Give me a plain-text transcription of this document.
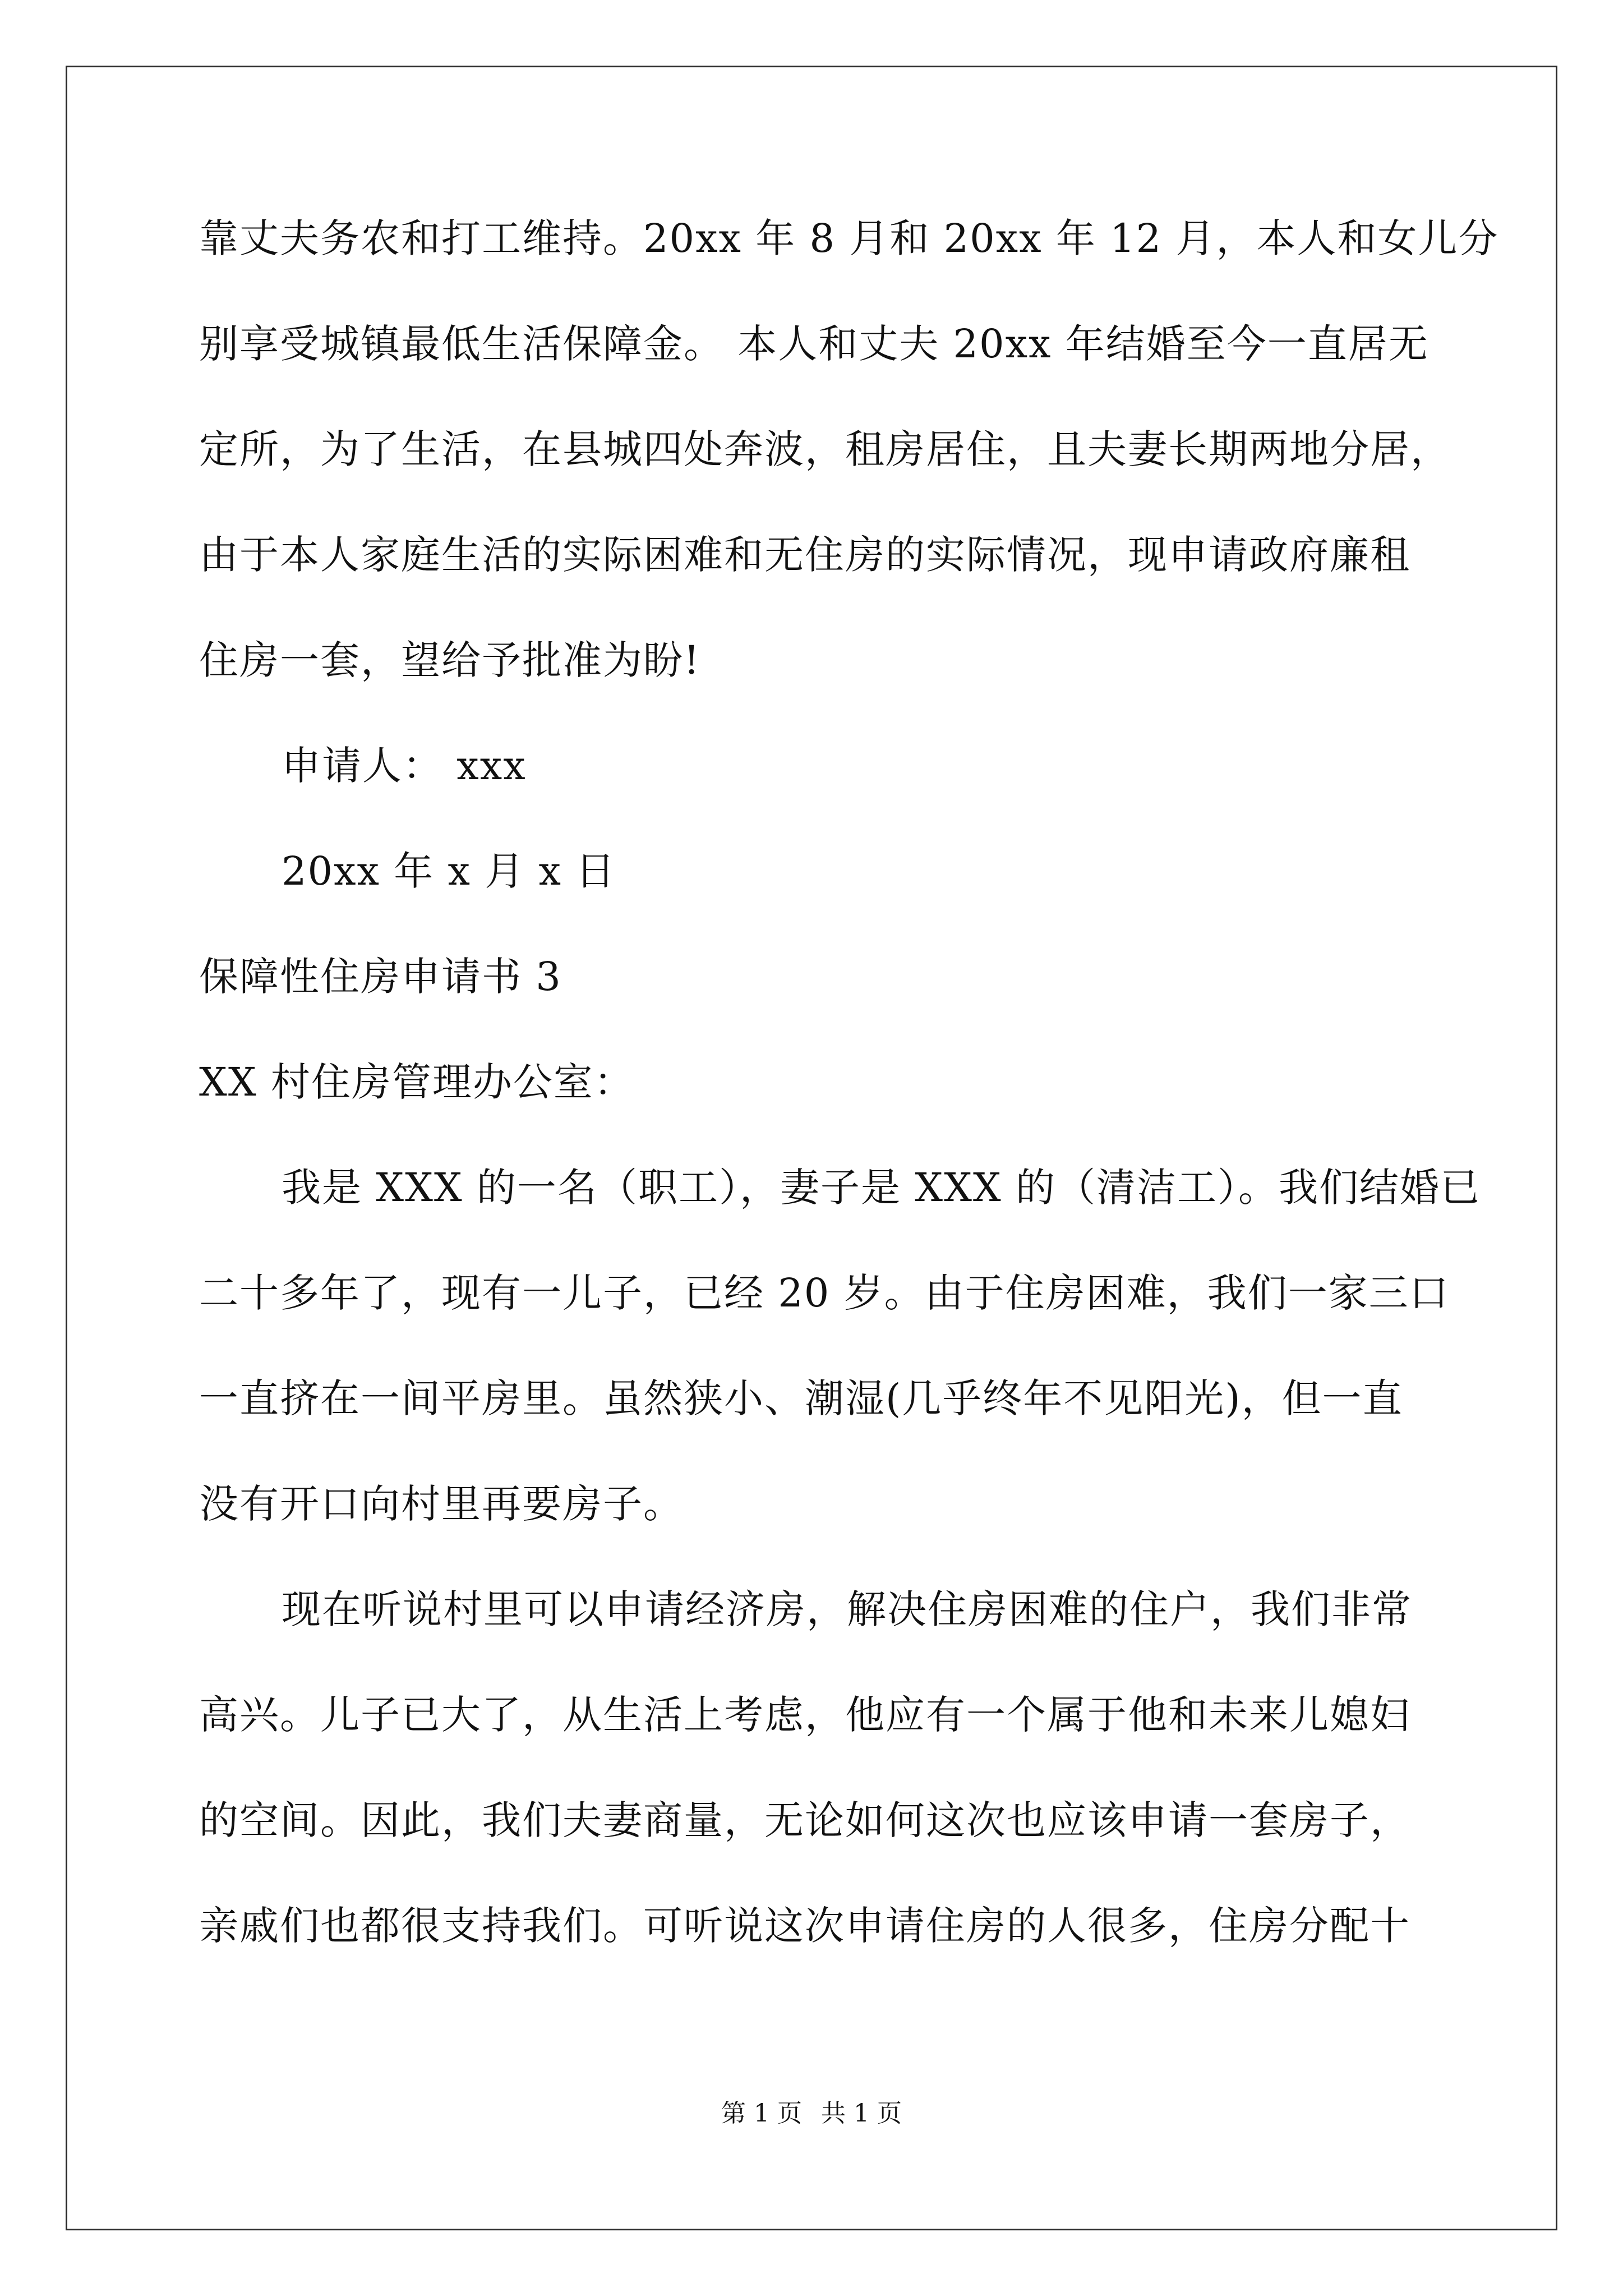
靠丈夫务农和打工维持。20xx 年 8 月和 20xx 年 12 月，本人和女儿分
别享受城镇最低生活保障金。 本人和丈夫 20xx 年结婚至今一直居无
定所，为了生活，在县城四处奔波，租房居住，且夫妻长期两地分居，
由于本人家庭生活的实际困难和无住房的实际情况，现申请政府廉租
住房一套，望给予批准为盼!
申请人： xxx
20xx 年 x 月 x 日
保障性住房申请书 3
XX 村住房管理办公室：
我是 XXX 的一名（职工），妻子是 XXX 的（清洁工）。我们结婚已
二十多年了，现有一儿子，已经 20 岁。由于住房困难，我们一家三口
一直挤在一间平房里。虽然狭小、潮湿(几乎终年不见阳光)，但一直
没有开口向村里再要房子。
现在听说村里可以申请经济房，解决住房困难的住户，我们非常
高兴。儿子已大了，从生活上考虑，他应有一个属于他和未来儿媳妇
的空间。因此，我们夫妻商量，无论如何这次也应该申请一套房子，
亲戚们也都很支持我们。可听说这次申请住房的人很多，住房分配十
第 1 页 共 1 页
